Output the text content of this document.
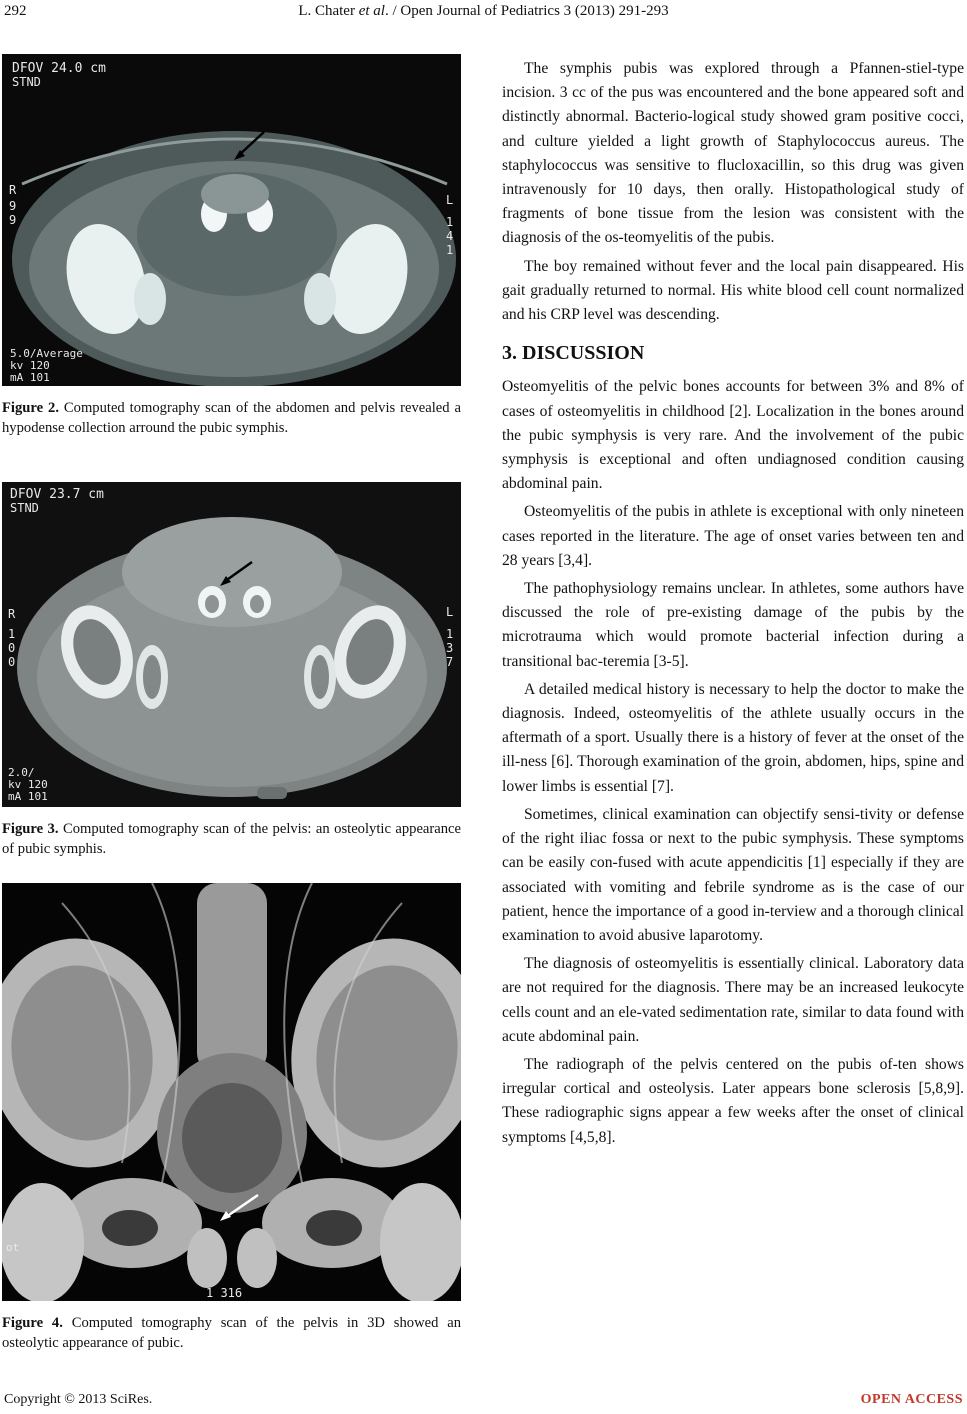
292	L. Chater et al. / Open Journal of Pediatrics 3 (2013) 291-293
DFOV 24.0 cm
STND
R
9
9
L
1
4
1
5.0/Average
kv 120
mA 101
Figure 2. Computed tomography scan of the abdomen and pelvis revealed a hypodense collection arround the pubic symphis.
DFOV 23.7 cm
STND
R
1
0
0
L
1
3
7
2.0/
kv 120
mA 101
Figure 3. Computed tomography scan of the pelvis: an osteolytic appearance of pubic symphis.
ot
1 316
Figure 4. Computed tomography scan of the pelvis in 3D showed an osteolytic appearance of pubic.

The symphis pubis was explored through a Pfannen-stiel-type incision. 3 cc of the pus was encountered and the bone appeared soft and distinctly abnormal. Bacterio-logical study showed gram positive cocci, and culture yielded a light growth of Staphylococcus aureus. The staphylococcus was sensitive to flucloxacillin, so this drug was given intravenously for 10 days, then orally. Histopathological study of fragments of bone tissue from the lesion was consistent with the diagnosis of the os-teomyelitis of the pubis.

The boy remained without fever and the local pain disappeared. His gait gradually returned to normal. His white blood cell count normalized and his CRP level was descending.

3. DISCUSSION

Osteomyelitis of the pelvic bones accounts for between 3% and 8% of cases of osteomyelitis in childhood [2]. Localization in the bones around the pubic symphysis is very rare. And the involvement of the pubic symphysis is exceptional and often undiagnosed condition causing abdominal pain.

Osteomyelitis of the pubis in athlete is exceptional with only nineteen cases reported in the literature. The age of onset varies between ten and 28 years [3,4].

The pathophysiology remains unclear. In athletes, some authors have discussed the role of pre-existing damage of the pubis by the microtrauma which would promote bacterial infection during a transitional bac-teremia [3-5].

A detailed medical history is necessary to help the doctor to make the diagnosis. Indeed, osteomyelitis of the athlete usually occurs in the aftermath of a sport. Usually there is a history of fever at the onset of the ill-ness [6]. Thorough examination of the groin, abdomen, hips, spine and lower limbs is essential [7].

Sometimes, clinical examination can objectify sensi-tivity or defense of the right iliac fossa or next to the pubic symphysis. These symptoms can be easily con-fused with acute appendicitis [1] especially if they are associated with vomiting and febrile syndrome as is the case of our patient, hence the importance of a good in-terview and a thorough clinical examination to avoid abusive laparotomy.

The diagnosis of osteomyelitis is essentially clinical. Laboratory data are not required for the diagnosis. There may be an increased leukocyte cells count and an ele-vated sedimentation rate, similar to data found with acute abdominal pain.

The radiograph of the pelvis centered on the pubis of-ten shows irregular cortical and osteolysis. Later appears bone sclerosis [5,8,9]. These radiographic signs appear a few weeks after the onset of clinical symptoms [4,5,8].

Copyright © 2013 SciRes.	OPEN ACCESS
